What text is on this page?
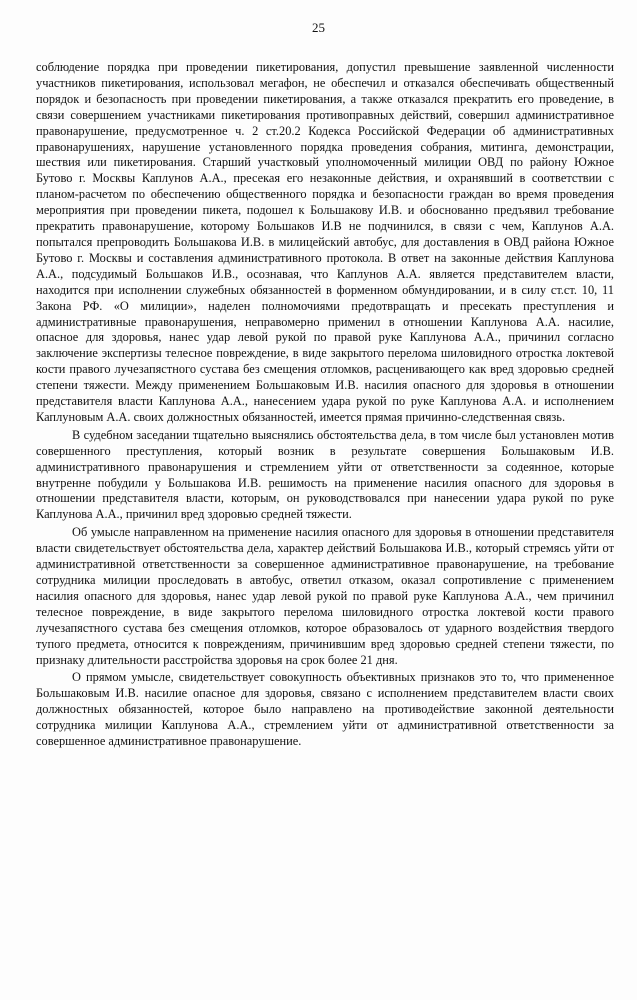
25

соблюдение порядка при проведении пикетирования, допустил превышение заявленной численности участников пикетирования, использовал мегафон, не обеспечил и отказался обеспечивать общественный порядок и безопасность при проведении пикетирования, а также отказался прекратить его проведение, в связи совершением участниками пикетирования противоправных действий, совершил административное правонарушение, предусмотренное ч. 2 ст.20.2 Кодекса Российской Федерации об административных правонарушениях, нарушение установленного порядка проведения собрания, митинга, демонстрации, шествия или пикетирования. Старший участковый уполномоченный милиции ОВД по району Южное Бутово г. Москвы Каплунов А.А., пресекая его незаконные действия, и охранявший в соответствии с планом-расчетом по обеспечению общественного порядка и безопасности граждан во время проведения мероприятия при проведении пикета, подошел к Большакову И.В. и обоснованно предъявил требование прекратить правонарушение, которому Большаков И.В не подчинился, в связи с чем, Каплунов А.А. попытался препроводить Большакова И.В. в милицейский автобус, для доставления в ОВД района Южное Бутово г. Москвы и составления административного протокола. В ответ на законные действия Каплунова А.А., подсудимый Большаков И.В., осознавая, что Каплунов А.А. является представителем власти, находится при исполнении служебных обязанностей в форменном обмундировании, и в силу ст.ст. 10, 11 Закона РФ. «О милиции», наделен полномочиями предотвращать и пресекать преступления и административные правонарушения, неправомерно применил в отношении Каплунова А.А. насилие, опасное для здоровья, нанес удар левой рукой по правой руке Каплунова А.А., причинил согласно заключение экспертизы телесное повреждение, в виде закрытого перелома шиловидного отростка локтевой кости правого лучезапястного сустава без смещения отломков, расценивающего как вред здоровью средней степени тяжести. Между применением Большаковым И.В. насилия опасного для здоровья в отношении представителя власти Каплунова А.А., нанесением удара рукой по руке Каплунова А.А. и исполнением Каплуновым А.А. своих должностных обязанностей, имеется прямая причинно-следственная связь.

В судебном заседании тщательно выяснялись обстоятельства дела, в том числе был установлен мотив совершенного преступления, который возник в результате совершения Большаковым И.В. административного правонарушения и стремлением уйти от ответственности за содеянное, которые внутренне побудили у Большакова И.В. решимость на применение насилия опасного для здоровья в отношении представителя власти, которым, он руководствовался при нанесении удара рукой по руке Каплунова А.А., причинил вред здоровью средней тяжести.

Об умысле направленном на применение насилия опасного для здоровья в отношении представителя власти свидетельствует обстоятельства дела, характер действий Большакова И.В., который стремясь уйти от административной ответственности за совершенное административное правонарушение, на требование сотрудника милиции проследовать в автобус, ответил отказом, оказал сопротивление с применением насилия опасного для здоровья, нанес удар левой рукой по правой руке Каплунова А.А., чем причинил телесное повреждение, в виде закрытого перелома шиловидного отростка локтевой кости правого лучезапястного сустава без смещения отломков, которое образовалось от ударного воздействия твердого тупого предмета, относится к повреждениям, причинившим вред здоровью средней степени тяжести, по признаку длительности расстройства здоровья на срок более 21 дня.

О прямом умысле, свидетельствует совокупность объективных признаков это то, что примененное Большаковым И.В. насилие опасное для здоровья, связано с исполнением представителем власти своих должностных обязанностей, которое было направлено на противодействие законной деятельности сотрудника милиции Каплунова А.А., стремлением уйти от административной ответственности за совершенное административное правонарушение.
